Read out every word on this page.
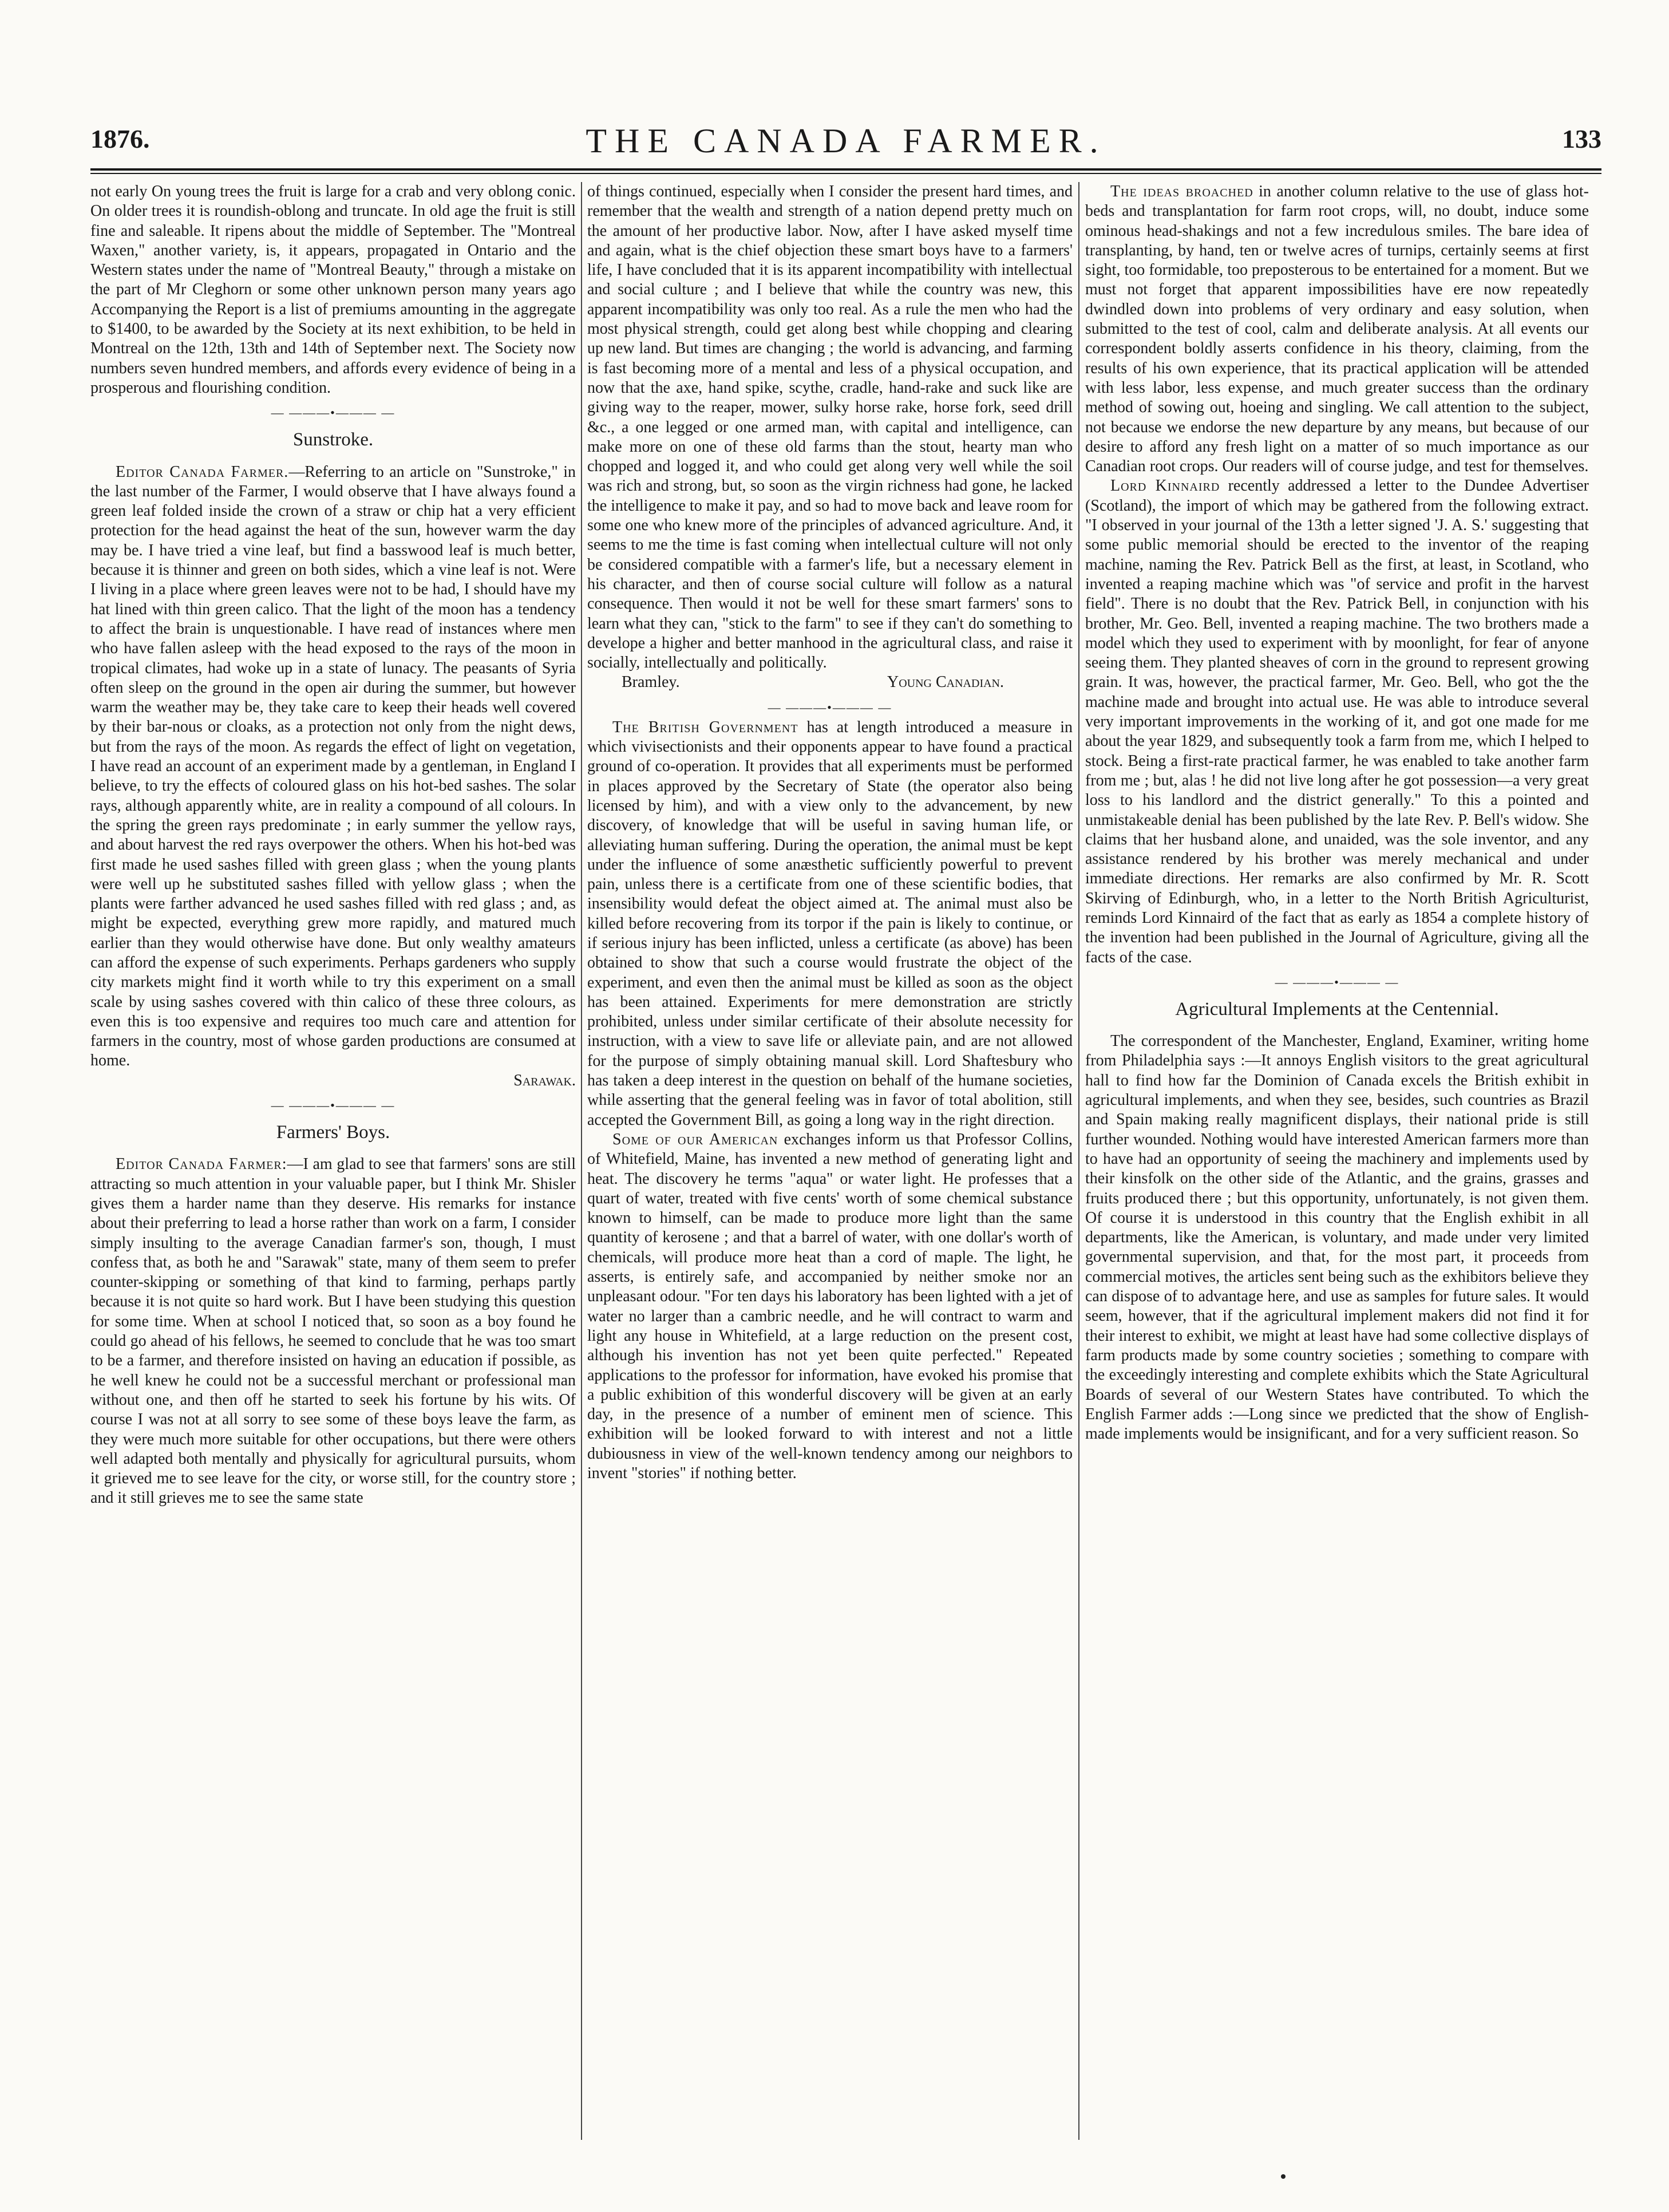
1876.	THE CANADA FARMER.	133

not early On young trees the fruit is large for a crab and very oblong conic. On older trees it is roundish-oblong and truncate. In old age the fruit is still fine and saleable. It ripens about the middle of September. The "Montreal Waxen," another variety, is, it appears, propagated in Ontario and the Western states under the name of "Montreal Beauty," through a mistake on the part of Mr Cleghorn or some other unknown person many years ago Accompanying the Report is a list of premiums amounting in the aggregate to $1400, to be awarded by the Society at its next exhibition, to be held in Montreal on the 12th, 13th and 14th of September next. The Society now numbers seven hundred members, and affords every evidence of being in a prosperous and flourishing condition.

— ———•——— —
Sunstroke.

Editor Canada Farmer.—Referring to an article on "Sunstroke," in the last number of the Farmer, I would observe that I have always found a green leaf folded inside the crown of a straw or chip hat a very efficient protection for the head against the heat of the sun, however warm the day may be. I have tried a vine leaf, but find a basswood leaf is much better, because it is thinner and green on both sides, which a vine leaf is not. Were I living in a place where green leaves were not to be had, I should have my hat lined with thin green calico. That the light of the moon has a tendency to affect the brain is unquestionable. I have read of instances where men who have fallen asleep with the head exposed to the rays of the moon in tropical climates, had woke up in a state of lunacy. The peasants of Syria often sleep on the ground in the open air during the summer, but however warm the weather may be, they take care to keep their heads well covered by their bar-nous or cloaks, as a protection not only from the night dews, but from the rays of the moon. As regards the effect of light on vegetation, I have read an account of an experiment made by a gentleman, in England I believe, to try the effects of coloured glass on his hot-bed sashes. The solar rays, although apparently white, are in reality a compound of all colours. In the spring the green rays predominate ; in early summer the yellow rays, and about harvest the red rays overpower the others. When his hot-bed was first made he used sashes filled with green glass ; when the young plants were well up he substituted sashes filled with yellow glass ; when the plants were farther advanced he used sashes filled with red glass ; and, as might be expected, everything grew more rapidly, and matured much earlier than they would otherwise have done. But only wealthy amateurs can afford the expense of such experiments. Perhaps gardeners who supply city markets might find it worth while to try this experiment on a small scale by using sashes covered with thin calico of these three colours, as even this is too expensive and requires too much care and attention for farmers in the country, most of whose garden productions are consumed at home.

Sarawak.

— ———•——— —
Farmers' Boys.

Editor Canada Farmer:—I am glad to see that farmers' sons are still attracting so much attention in your valuable paper, but I think Mr. Shisler gives them a harder name than they deserve. His remarks for instance about their preferring to lead a horse rather than work on a farm, I consider simply insulting to the average Canadian farmer's son, though, I must confess that, as both he and "Sarawak" state, many of them seem to prefer counter-skipping or something of that kind to farming, perhaps partly because it is not quite so hard work. But I have been studying this question for some time. When at school I noticed that, so soon as a boy found he could go ahead of his fellows, he seemed to conclude that he was too smart to be a farmer, and therefore insisted on having an education if possible, as he well knew he could not be a successful merchant or professional man without one, and then off he started to seek his fortune by his wits. Of course I was not at all sorry to see some of these boys leave the farm, as they were much more suitable for other occupations, but there were others well adapted both mentally and physically for agricultural pursuits, whom it grieved me to see leave for the city, or worse still, for the country store ; and it still grieves me to see the same state

of things continued, especially when I consider the present hard times, and remember that the wealth and strength of a nation depend pretty much on the amount of her productive labor. Now, after I have asked myself time and again, what is the chief objection these smart boys have to a farmers' life, I have concluded that it is its apparent incompatibility with intellectual and social culture ; and I believe that while the country was new, this apparent incompatibility was only too real. As a rule the men who had the most physical strength, could get along best while chopping and clearing up new land. But times are changing ; the world is advancing, and farming is fast becoming more of a mental and less of a physical occupation, and now that the axe, hand spike, scythe, cradle, hand-rake and suck like are giving way to the reaper, mower, sulky horse rake, horse fork, seed drill &c., a one legged or one armed man, with capital and intelligence, can make more on one of these old farms than the stout, hearty man who chopped and logged it, and who could get along very well while the soil was rich and strong, but, so soon as the virgin richness had gone, he lacked the intelligence to make it pay, and so had to move back and leave room for some one who knew more of the principles of advanced agriculture. And, it seems to me the time is fast coming when intellectual culture will not only be considered compatible with a farmer's life, but a necessary element in his character, and then of course social culture will follow as a natural consequence. Then would it not be well for these smart farmers' sons to learn what they can, "stick to the farm" to see if they can't do something to develope a higher and better manhood in the agricultural class, and raise it socially, intellectually and politically.

Bramley.	Young Canadian.

— ———•——— —

The British Government has at length introduced a measure in which vivisectionists and their opponents appear to have found a practical ground of co-operation. It provides that all experiments must be performed in places approved by the Secretary of State (the operator also being licensed by him), and with a view only to the advancement, by new discovery, of knowledge that will be useful in saving human life, or alleviating human suffering. During the operation, the animal must be kept under the influence of some anæsthetic sufficiently powerful to prevent pain, unless there is a certificate from one of these scientific bodies, that insensibility would defeat the object aimed at. The animal must also be killed before recovering from its torpor if the pain is likely to continue, or if serious injury has been inflicted, unless a certificate (as above) has been obtained to show that such a course would frustrate the object of the experiment, and even then the animal must be killed as soon as the object has been attained. Experiments for mere demonstration are strictly prohibited, unless under similar certificate of their absolute necessity for instruction, with a view to save life or alleviate pain, and are not allowed for the purpose of simply obtaining manual skill. Lord Shaftesbury who has taken a deep interest in the question on behalf of the humane societies, while asserting that the general feeling was in favor of total abolition, still accepted the Government Bill, as going a long way in the right direction.

Some of our American exchanges inform us that Professor Collins, of Whitefield, Maine, has invented a new method of generating light and heat. The discovery he terms "aqua" or water light. He professes that a quart of water, treated with five cents' worth of some chemical substance known to himself, can be made to produce more light than the same quantity of kerosene ; and that a barrel of water, with one dollar's worth of chemicals, will produce more heat than a cord of maple. The light, he asserts, is entirely safe, and accompanied by neither smoke nor an unpleasant odour. "For ten days his laboratory has been lighted with a jet of water no larger than a cambric needle, and he will contract to warm and light any house in Whitefield, at a large reduction on the present cost, although his invention has not yet been quite perfected." Repeated applications to the professor for information, have evoked his promise that a public exhibition of this wonderful discovery will be given at an early day, in the presence of a number of eminent men of science. This exhibition will be looked forward to with interest and not a little dubiousness in view of the well-known tendency among our neighbors to invent "stories" if nothing better.

The ideas broached in another column relative to the use of glass hot-beds and transplantation for farm root crops, will, no doubt, induce some ominous head-shakings and not a few incredulous smiles. The bare idea of transplanting, by hand, ten or twelve acres of turnips, certainly seems at first sight, too formidable, too preposterous to be entertained for a moment. But we must not forget that apparent impossibilities have ere now repeatedly dwindled down into problems of very ordinary and easy solution, when submitted to the test of cool, calm and deliberate analysis. At all events our correspondent boldly asserts confidence in his theory, claiming, from the results of his own experience, that its practical application will be attended with less labor, less expense, and much greater success than the ordinary method of sowing out, hoeing and singling. We call attention to the subject, not because we endorse the new departure by any means, but because of our desire to afford any fresh light on a matter of so much importance as our Canadian root crops. Our readers will of course judge, and test for themselves.

Lord Kinnaird recently addressed a letter to the Dundee Advertiser (Scotland), the import of which may be gathered from the following extract. "I observed in your journal of the 13th a letter signed 'J. A. S.' suggesting that some public memorial should be erected to the inventor of the reaping machine, naming the Rev. Patrick Bell as the first, at least, in Scotland, who invented a reaping machine which was "of service and profit in the harvest field". There is no doubt that the Rev. Patrick Bell, in conjunction with his brother, Mr. Geo. Bell, invented a reaping machine. The two brothers made a model which they used to experiment with by moonlight, for fear of anyone seeing them. They planted sheaves of corn in the ground to represent growing grain. It was, however, the practical farmer, Mr. Geo. Bell, who got the the machine made and brought into actual use. He was able to introduce several very important improvements in the working of it, and got one made for me about the year 1829, and subsequently took a farm from me, which I helped to stock. Being a first-rate practical farmer, he was enabled to take another farm from me ; but, alas ! he did not live long after he got possession—a very great loss to his landlord and the district generally." To this a pointed and unmistakeable denial has been published by the late Rev. P. Bell's widow. She claims that her husband alone, and unaided, was the sole inventor, and any assistance rendered by his brother was merely mechanical and under immediate directions. Her remarks are also confirmed by Mr. R. Scott Skirving of Edinburgh, who, in a letter to the North British Agriculturist, reminds Lord Kinnaird of the fact that as early as 1854 a complete history of the invention had been published in the Journal of Agriculture, giving all the facts of the case.

— ———•——— —
Agricultural Implements at the Centennial.

The correspondent of the Manchester, England, Examiner, writing home from Philadelphia says :—It annoys English visitors to the great agricultural hall to find how far the Dominion of Canada excels the British exhibit in agricultural implements, and when they see, besides, such countries as Brazil and Spain making really magnificent displays, their national pride is still further wounded. Nothing would have interested American farmers more than to have had an opportunity of seeing the machinery and implements used by their kinsfolk on the other side of the Atlantic, and the grains, grasses and fruits produced there ; but this opportunity, unfortunately, is not given them. Of course it is understood in this country that the English exhibit in all departments, like the American, is voluntary, and made under very limited governmental supervision, and that, for the most part, it proceeds from commercial motives, the articles sent being such as the exhibitors believe they can dispose of to advantage here, and use as samples for future sales. It would seem, however, that if the agricultural implement makers did not find it for their interest to exhibit, we might at least have had some collective displays of farm products made by some country societies ; something to compare with the exceedingly interesting and complete exhibits which the State Agricultural Boards of several of our Western States have contributed. To which the English Farmer adds :—Long since we predicted that the show of English-made implements would be insignificant, and for a very sufficient reason. So
